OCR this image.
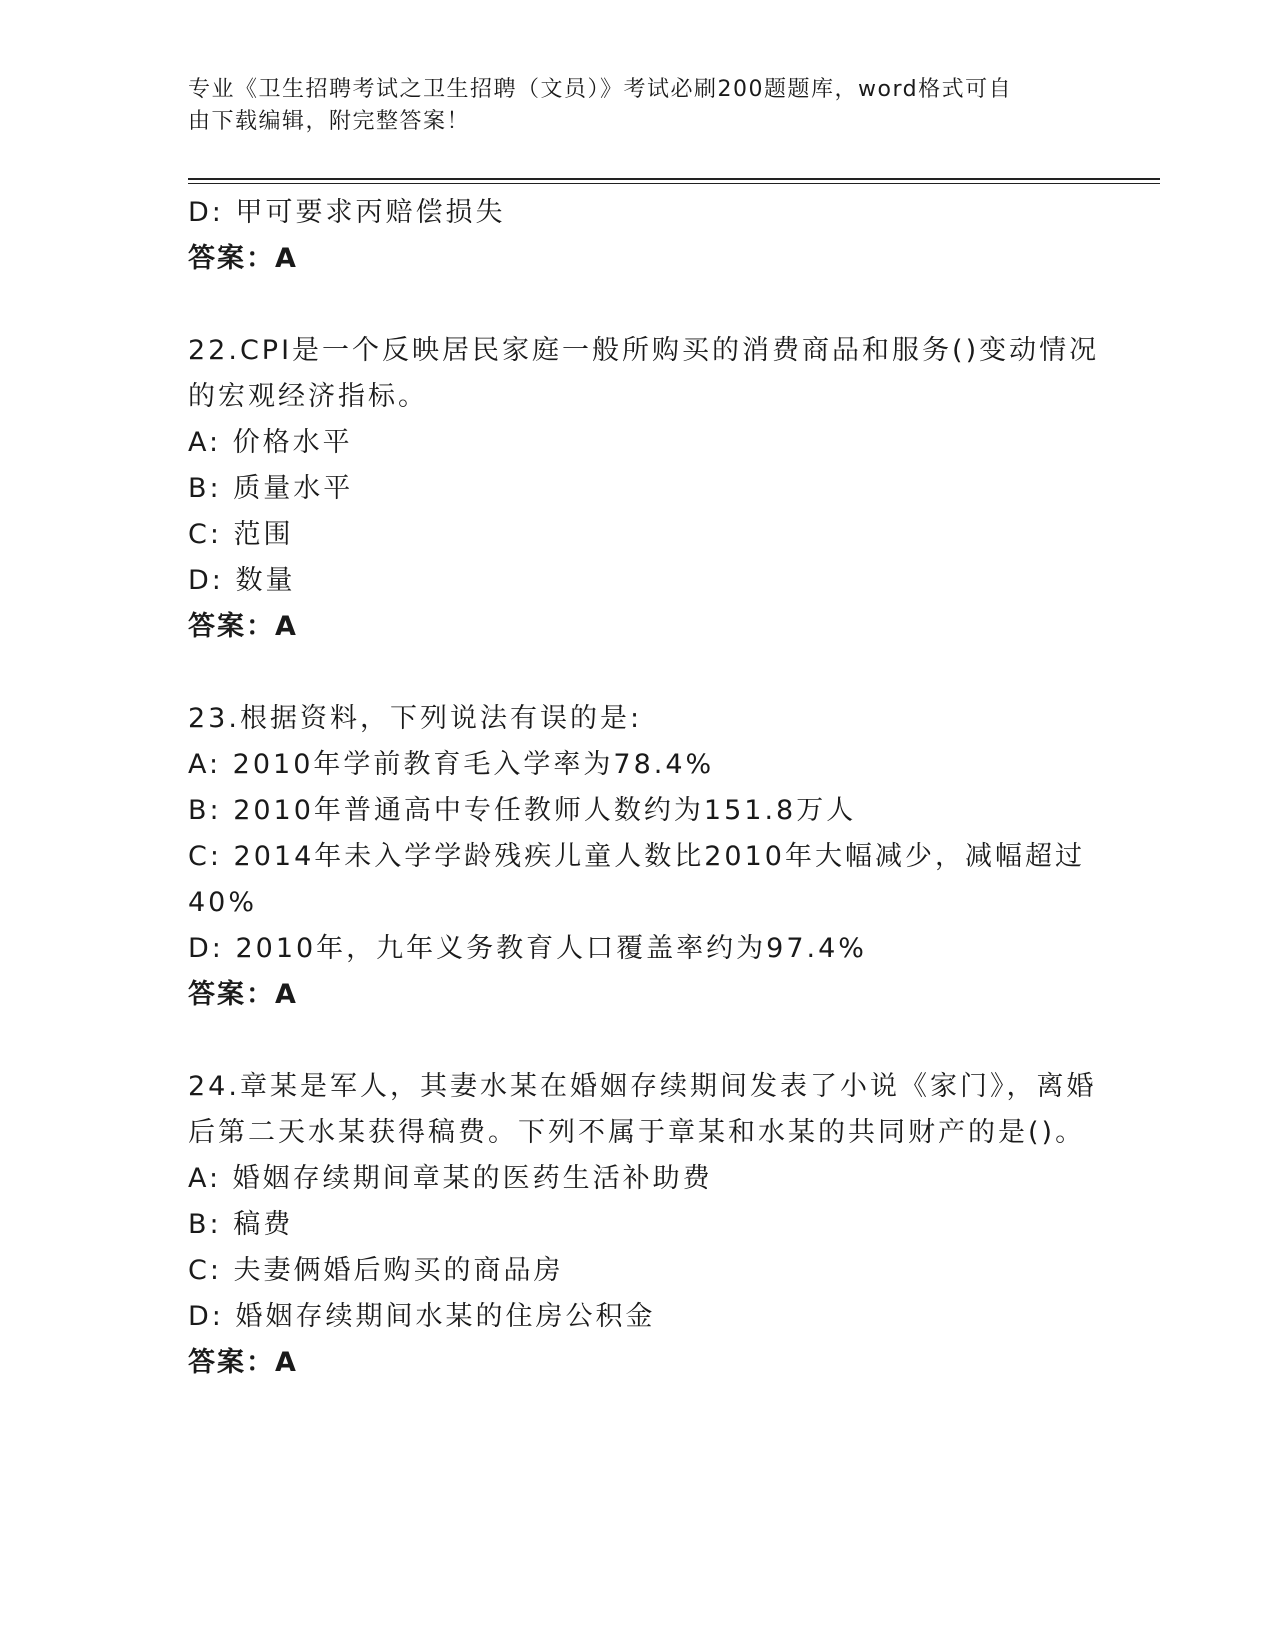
专业《卫生招聘考试之卫生招聘（文员）》考试必刷200题题库，word格式可自
由下载编辑，附完整答案！
D: 甲可要求丙赔偿损失
答案：A
22.CPI是一个反映居民家庭一般所购买的消费商品和服务()变动情况
的宏观经济指标。
A: 价格水平
B: 质量水平
C: 范围
D: 数量
答案：A
23.根据资料，下列说法有误的是:
A: 2010年学前教育毛入学率为78.4%
B: 2010年普通高中专任教师人数约为151.8万人
C: 2014年未入学学龄残疾儿童人数比2010年大幅减少，减幅超过
40%
D: 2010年，九年义务教育人口覆盖率约为97.4%
答案：A
24.章某是军人，其妻水某在婚姻存续期间发表了小说《家门》，离婚
后第二天水某获得稿费。下列不属于章某和水某的共同财产的是()。
A: 婚姻存续期间章某的医药生活补助费
B: 稿费
C: 夫妻俩婚后购买的商品房
D: 婚姻存续期间水某的住房公积金
答案：A
